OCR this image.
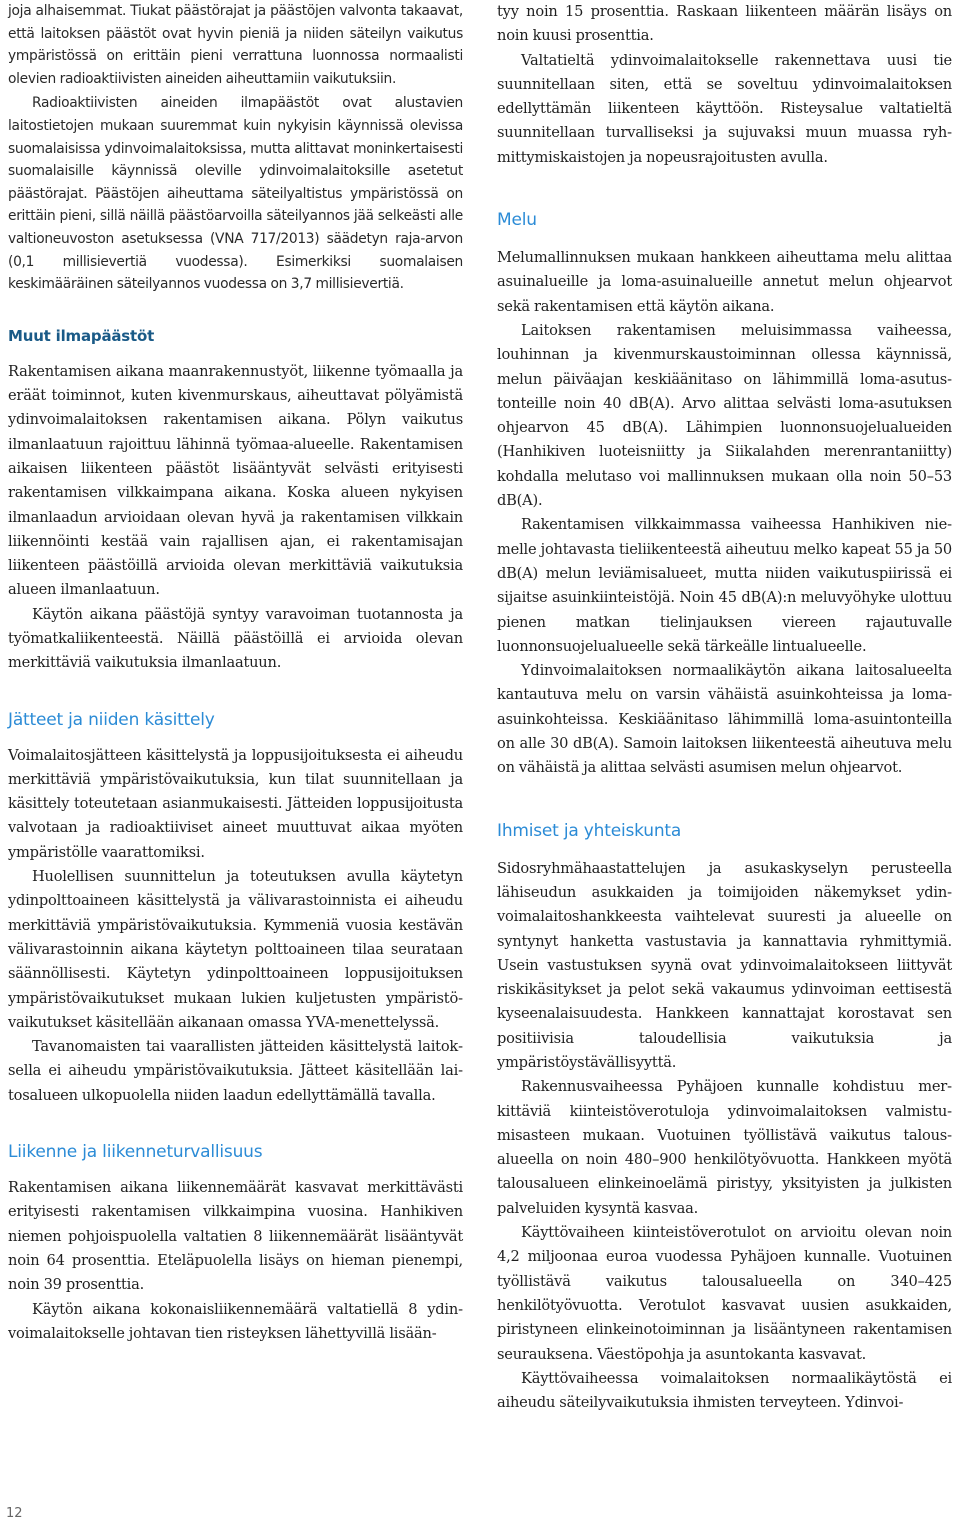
joja alhaisemmat. Tiukat päästörajat ja päästöjen valvonta takaavat, että laitoksen päästöt ovat hyvin pieniä ja niiden säteilyn vaikutus ympäristössä on erittäin pieni verrattuna luonnossa normaalisti olevien radioaktiivisten aineiden aiheuttamiin vaikutuksiin.

Radioaktiivisten aineiden ilmapäästöt ovat alustavien laitostietojen mukaan suuremmat kuin nykyisin käynnissä olevissa suomalaisissa ydinvoimalaitoksissa, mutta alittavat moninkertaisesti suomalaisille käynnissä oleville ydinvoimalaitoksille asetetut päästörajat. Päästöjen aiheuttama säteilyaltistus ympäristössä on erittäin pieni, sillä näillä päästöarvoilla säteilyannos jää selkeästi alle valtioneuvoston asetuksessa (VNA 717/2013) säädetyn raja-arvon (0,1 millisievertiä vuodessa). Esimerkiksi suomalaisen keskimääräinen säteilyannos vuodessa on 3,7 millisievertiä.

Muut ilmapäästöt

Rakentamisen aikana maanrakennustyöt, liikenne työmaalla ja eräät toiminnot, kuten kivenmurskaus, aiheuttavat pölyämistä ydinvoimalaitoksen rakentamisen aikana. Pölyn vaikutus ilmanlaatuun rajoittuu lähinnä työmaa-alueelle. Rakentamisen aikaisen liikenteen päästöt lisääntyvät selvästi erityisesti rakentamisen vilkkaimpana aikana. Koska alueen nykyisen ilmanlaadun arvioidaan olevan hyvä ja rakentamisen vilkkain liikennöinti kestää vain rajallisen ajan, ei rakentamisajan liikenteen päästöillä arvioida olevan merkittäviä vaikutuksia alueen ilmanlaatuun.

Käytön aikana päästöjä syntyy varavoiman tuotannosta ja työmatkaliikenteestä. Näillä päästöillä ei arvioida olevan merkittäviä vaikutuksia ilmanlaatuun.

Jätteet ja niiden käsittely

Voimalaitosjätteen käsittelystä ja loppusijoituksesta ei aiheudu merkittäviä ympäristövaikutuksia, kun tilat suunnitellaan ja käsittely toteutetaan asianmukaisesti. Jätteiden loppusijoitusta valvotaan ja radioaktiiviset aineet muuttuvat aikaa myöten ympäristölle vaarattomiksi.

Huolellisen suunnittelun ja toteutuksen avulla käytetyn ydinpolttoaineen käsittelystä ja välivarastoinnista ei aiheudu merkittäviä ympäristövaikutuksia. Kymmeniä vuosia kestävän välivarastoinnin aikana käytetyn polttoaineen tilaa seurataan säännöllisesti. Käytetyn ydinpolttoaineen loppusijoituksen ympäristövaikutukset mukaan lukien kuljetusten ympäristövaikutukset käsitellään aikanaan omassa YVA-menettelyssä.

Tavanomaisten tai vaarallisten jätteiden käsittelystä laitoksella ei aiheudu ympäristövaikutuksia. Jätteet käsitellään laitosalueen ulkopuolella niiden laadun edellyttämällä tavalla.

Liikenne ja liikenneturvallisuus

Rakentamisen aikana liikennemäärät kasvavat merkittävästi erityisesti rakentamisen vilkkaimpina vuosina. Hanhikiven niemen pohjoispuolella valtatien 8 liikennemäärät lisääntyvät noin 64 prosenttia. Eteläpuolella lisäys on hieman pienempi, noin 39 prosenttia.

Käytön aikana kokonaisliikennemäärä valtatiellä 8 ydinvoimalaitokselle johtavan tien risteyksen lähettyvillä lisään-

tyy noin 15 prosenttia. Raskaan liikenteen määrän lisäys on noin kuusi prosenttia.

Valtatieltä ydinvoimalaitokselle rakennettava uusi tie suunnitellaan siten, että se soveltuu ydinvoimalaitoksen edellyttämän liikenteen käyttöön. Risteysalue valtatieltä suunnitellaan turvalliseksi ja sujuvaksi muun muassa ryhmittymiskaistojen ja nopeusrajoitusten avulla.

Melu

Melumallinnuksen mukaan hankkeen aiheuttama melu alittaa asuinalueille ja loma-asuinalueille annetut melun ohjearvot sekä rakentamisen että käytön aikana.

Laitoksen rakentamisen meluisimmassa vaiheessa, louhinnan ja kivenmurskaustoiminnan ollessa käynnissä, melun päiväajan keskiäänitaso on lähimmillä loma-asutustonteille noin 40 dB(A). Arvo alittaa selvästi loma-asutuksen ohjearvon 45 dB(A). Lähimpien luonnonsuojelualueiden (Hanhikiven luoteisniitty ja Siikalahden merenrantaniitty) kohdalla melutaso voi mallinnuksen mukaan olla noin 50–53 dB(A).

Rakentamisen vilkkaimmassa vaiheessa Hanhikiven niemelle johtavasta tieliikenteestä aiheutuu melko kapeat 55 ja 50 dB(A) melun leviämisalueet, mutta niiden vaikutuspiirissä ei sijaitse asuinkiinteistöjä. Noin 45 dB(A):n meluvyöhyke ulottuu pienen matkan tielinjauksen viereen rajautuvalle luonnonsuojelualueelle sekä tärkeälle lintualueelle.

Ydinvoimalaitoksen normaalikäytön aikana laitosalueelta kantautuva melu on varsin vähäistä asuinkohteissa ja loma-asuinkohteissa. Keskiäänitaso lähimmillä loma-asuintonteilla on alle 30 dB(A). Samoin laitoksen liikenteestä aiheutuva melu on vähäistä ja alittaa selvästi asumisen melun ohjearvot.

Ihmiset ja yhteiskunta

Sidosryhmähaastattelujen ja asukaskyselyn perusteella lähiseudun asukkaiden ja toimijoiden näkemykset ydinvoimalaitoshankkeesta vaihtelevat suuresti ja alueelle on syntynyt hanketta vastustavia ja kannattavia ryhmittymiä. Usein vastustuksen syynä ovat ydinvoimalaitokseen liittyvät riskikäsitykset ja pelot sekä vakaumus ydinvoiman eettisestä kyseenalaisuudesta. Hankkeen kannattajat korostavat sen positiivisia taloudellisia vaikutuksia ja ympäristöystävällisyyttä.

Rakennusvaiheessa Pyhäjoen kunnalle kohdistuu merkittäviä kiinteistöverotuloja ydinvoimalaitoksen valmistumisasteen mukaan. Vuotuinen työllistävä vaikutus talousalueella on noin 480–900 henkilötyövuotta. Hankkeen myötä talousalueen elinkeinoelämä piristyy, yksityisten ja julkisten palveluiden kysyntä kasvaa.

Käyttövaiheen kiinteistöverotulot on arvioitu olevan noin 4,2 miljoonaa euroa vuodessa Pyhäjoen kunnalle. Vuotuinen työllistävä vaikutus talousalueella on 340–425 henkilötyövuotta. Verotulot kasvavat uusien asukkaiden, piristyneen elinkeinotoiminnan ja lisääntyneen rakentamisen seurauksena. Väestöpohja ja asuntokanta kasvavat.

Käyttövaiheessa voimalaitoksen normaalikäytöstä ei aiheudu säteilyvaikutuksia ihmisten terveyteen. Ydinvoi-

12
